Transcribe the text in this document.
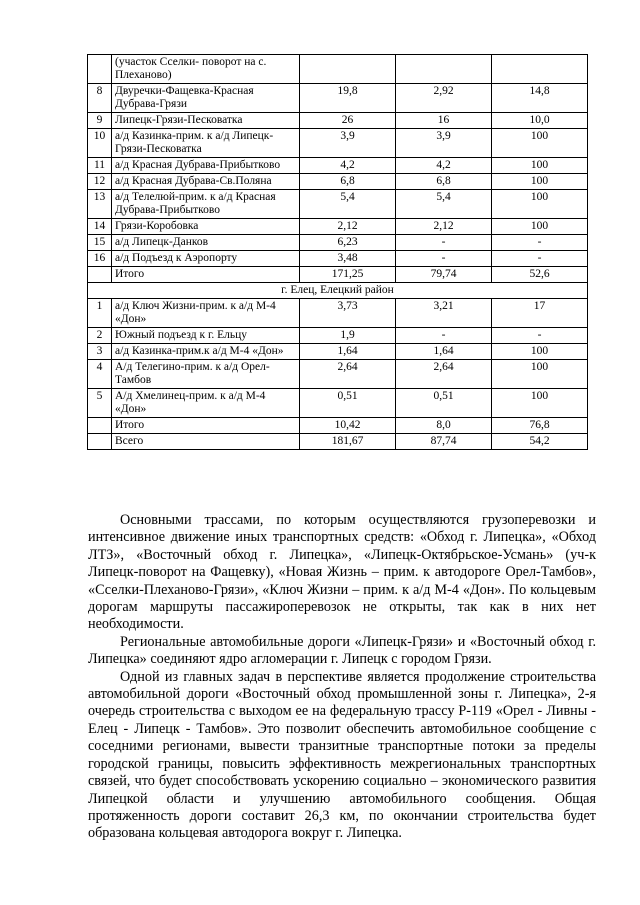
	(участок Сселки- поворот на с. Плеханово)			
8	Двуречки-Фащевка-Красная Дубрава-Грязи	19,8	2,92	14,8
9	Липецк-Грязи-Песковатка	26	16	10,0
10	а/д Казинка-прим. к а/д Липецк-Грязи-Песковатка	3,9	3,9	100
11	а/д Красная Дубрава-Прибытково	4,2	4,2	100
12	а/д Красная Дубрава-Св.Поляна	6,8	6,8	100
13	а/д Телелюй-прим. к а/д Красная Дубрава-Прибытково	5,4	5,4	100
14	Грязи-Коробовка	2,12	2,12	100
15	а/д Липецк-Данков	6,23	-	-
16	а/д Подъезд к Аэропорту	3,48	-	-
	Итого	171,25	79,74	52,6
г. Елец, Елецкий район				
1	а/д Ключ Жизни-прим. к а/д М-4 «Дон»	3,73	3,21	17
2	Южный подъезд к г. Ельцу	1,9	-	-
3	а/д Казинка-прим.к а/д М-4 «Дон»	1,64	1,64	100
4	А/д Телегино-прим. к а/д Орел-Тамбов	2,64	2,64	100
5	А/д Хмелинец-прим. к а/д М-4 «Дон»	0,51	0,51	100
	Итого	10,42	8,0	76,8
	Всего	181,67	87,74	54,2

Основными трассами, по которым осуществляются грузоперевозки и интенсивное движение иных транспортных средств: «Обход г. Липецка», «Обход ЛТЗ», «Восточный обход г. Липецка», «Липецк-Октябрьское-Усмань» (уч-к Липецк-поворот на Фащевку), «Новая Жизнь – прим. к автодороге Орел-Тамбов», «Сселки-Плеханово-Грязи», «Ключ Жизни – прим. к а/д М-4 «Дон». По кольцевым дорогам маршруты пассажироперевозок не открыты, так как в них нет необходимости.

Региональные автомобильные дороги «Липецк-Грязи» и «Восточный обход г. Липецка» соединяют ядро агломерации г. Липецк с городом Грязи.

Одной из главных задач в перспективе является продолжение строительства автомобильной дороги «Восточный обход промышленной зоны г. Липецка», 2-я очередь строительства с выходом ее на федеральную трассу Р-119 «Орел - Ливны - Елец - Липецк - Тамбов». Это позволит обеспечить автомобильное сообщение с соседними регионами, вывести транзитные транспортные потоки за пределы городской границы, повысить эффективность межрегиональных транспортных связей, что будет способствовать ускорению социально – экономического развития Липецкой области и улучшению автомобильного сообщения. Общая протяженность дороги составит 26,3 км, по окончании строительства будет образована кольцевая автодорога вокруг г. Липецка.
